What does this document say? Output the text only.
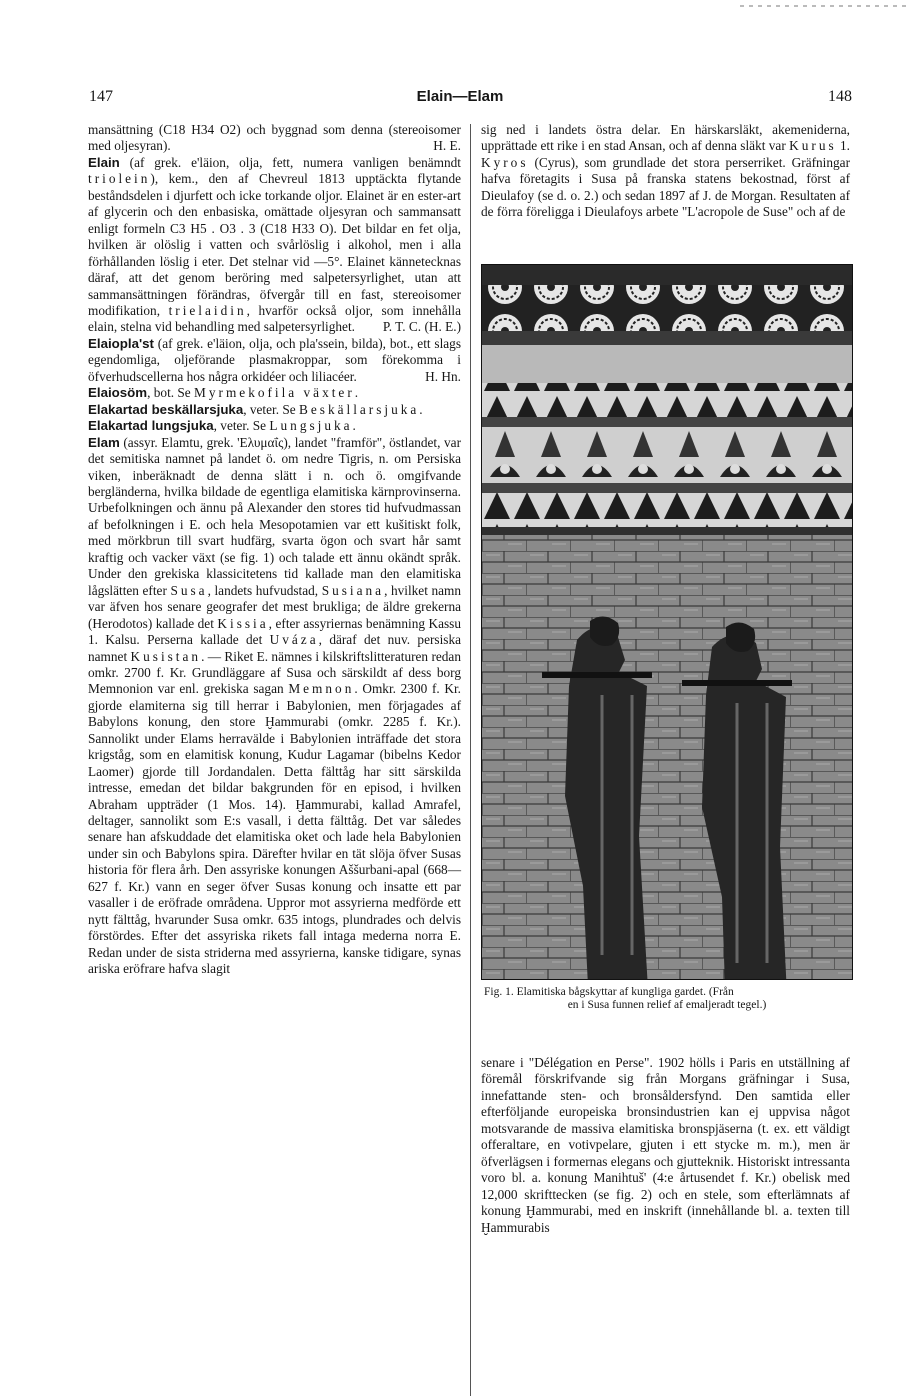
147	Elain—Elam	148

mansättning (C18 H34 O2) och byggnad som denna (stereoisomer med oljesyran).	H. E.

Elain (af grek. e'läion, olja, fett, numera vanligen benämndt triolein), kem., den af Chevreul 1813 upptäckta flytande beståndsdelen i djurfett och icke torkande oljor. Elainet är en ester-art af glycerin och den enbasiska, omättade oljesyran och sammansatt enligt formeln C3 H5 . O3 . 3 (C18 H33 O). Det bildar en fet olja, hvilken är olöslig i vatten och svårlöslig i alkohol, men i alla förhållanden löslig i eter. Det stelnar vid —5°. Elainet kännetecknas däraf, att det genom beröring med salpetersyrlighet, utan att sammansättningen förändras, öfvergår till en fast, stereoisomer modifikation, trielaidin, hvarför också oljor, som innehålla elain, stelna vid behandling med salpetersyrlighet. P. T. C. (H. E.)

Elaiopla'st (af grek. e'läion, olja, och pla'ssein, bilda), bot., ett slags egendomliga, oljeförande plasmakroppar, som förekomma i öfverhudscellerna hos några orkidéer och liliacéer.	H. Hn.

Elaiosöm, bot. Se Myrmekofila växter.

Elakartad beskällarsjuka, veter. Se Beskällarsjuka.

Elakartad lungsjuka, veter. Se Lungsjuka.

Elam (assyr. Elamtu, grek. 'Ελυμαΐς), landet "framför", östlandet, var det semitiska namnet på landet ö. om nedre Tigris, n. om Persiska viken, inberäknadt de denna slätt i n. och ö. omgifvande bergländerna, hvilka bildade de egentliga elamitiska kärnprovinserna. Urbefolkningen och ännu på Alexander den stores tid hufvudmassan af befolkningen i E. och hela Mesopotamien var ett kušitiskt folk, med mörkbrun till svart hudfärg, svarta ögon och svart hår samt kraftig och vacker växt (se fig. 1) och talade ett ännu okändt språk. Under den grekiska klassicitetens tid kallade man den elamitiska lågslätten efter Susa, landets hufvudstad, Susiana, hvilket namn var äfven hos senare geografer det mest brukliga; de äldre grekerna (Herodotos) kallade det Kissia, efter assyriernas benämning Kassu 1. Kalsu. Perserna kallade det Uváza, däraf det nuv. persiska namnet Kusistan. — Riket E. nämnes i kilskriftslitteraturen redan omkr. 2700 f. Kr. Grundläggare af Susa och särskildt af dess borg Memnonion var enl. grekiska sagan Memnon. Omkr. 2300 f. Kr. gjorde elamiterna sig till herrar i Babylonien, men förjagades af Babylons konung, den store Ḫammurabi (omkr. 2285 f. Kr.). Sannolikt under Elams herravälde i Babylonien inträffade det stora krigståg, som en elamitisk konung, Kudur Lagamar (bibelns Kedor Laomer) gjorde till Jordandalen. Detta fälttåg har sitt särskilda intresse, emedan det bildar bakgrunden för en episod, i hvilken Abraham uppträder (1 Mos. 14). Ḫammurabi, kallad Amrafel, deltager, sannolikt som E:s vasall, i detta fälttåg. Det var således senare han afskuddade det elamitiska oket och lade hela Babylonien under sin och Babylons spira. Därefter hvilar en tät slöja öfver Susas historia för flera årh. Den assyriske konungen Aššurbani-apal (668—627 f. Kr.) vann en seger öfver Susas konung och insatte ett par vasaller i de eröfrade områdena. Uppror mot assyrierna medförde ett nytt fälttåg, hvarunder Susa omkr. 635 intogs, plundrades och delvis förstördes. Efter det assyriska rikets fall intaga mederna norra E. Redan under de sista striderna med assyrierna, kanske tidigare, synas ariska eröfrare hafva slagit

sig ned i landets östra delar. En härskarsläkt, akemeniderna, upprättade ett rike i en stad Ansan, och af denna släkt var Kurus 1. Kyros (Cyrus), som grundlade det stora perserriket. Gräfningar hafva företagits i Susa på franska statens bekostnad, först af Dieulafoy (se d. o. 2.) och sedan 1897 af J. de Morgan. Resultaten af de förra föreligga i Dieulafoys arbete "L'acropole de Suse" och af de

Fig. 1. Elamitiska bågskyttar af kungliga gardet. (Från
en i Susa funnen relief af emaljeradt tegel.)

senare i "Délégation en Perse". 1902 hölls i Paris en utställning af föremål förskrifvande sig från Morgans gräfningar i Susa, innefattande sten- och bronsåldersfynd. Den samtida eller efterföljande europeiska bronsindustrien kan ej uppvisa något motsvarande de massiva elamitiska bronspjäserna (t. ex. ett väldigt offeraltare, en votivpelare, gjuten i ett stycke m. m.), men är öfverlägsen i formernas elegans och gjutteknik. Historiskt intressanta voro bl. a. konung Manihtuš' (4:e årtusendet f. Kr.) obelisk med 12,000 skrifttecken (se fig. 2) och en stele, som efterlämnats af konung Ḫammurabi, med en inskrift (innehållande bl. a. texten till Ḫammurabis
